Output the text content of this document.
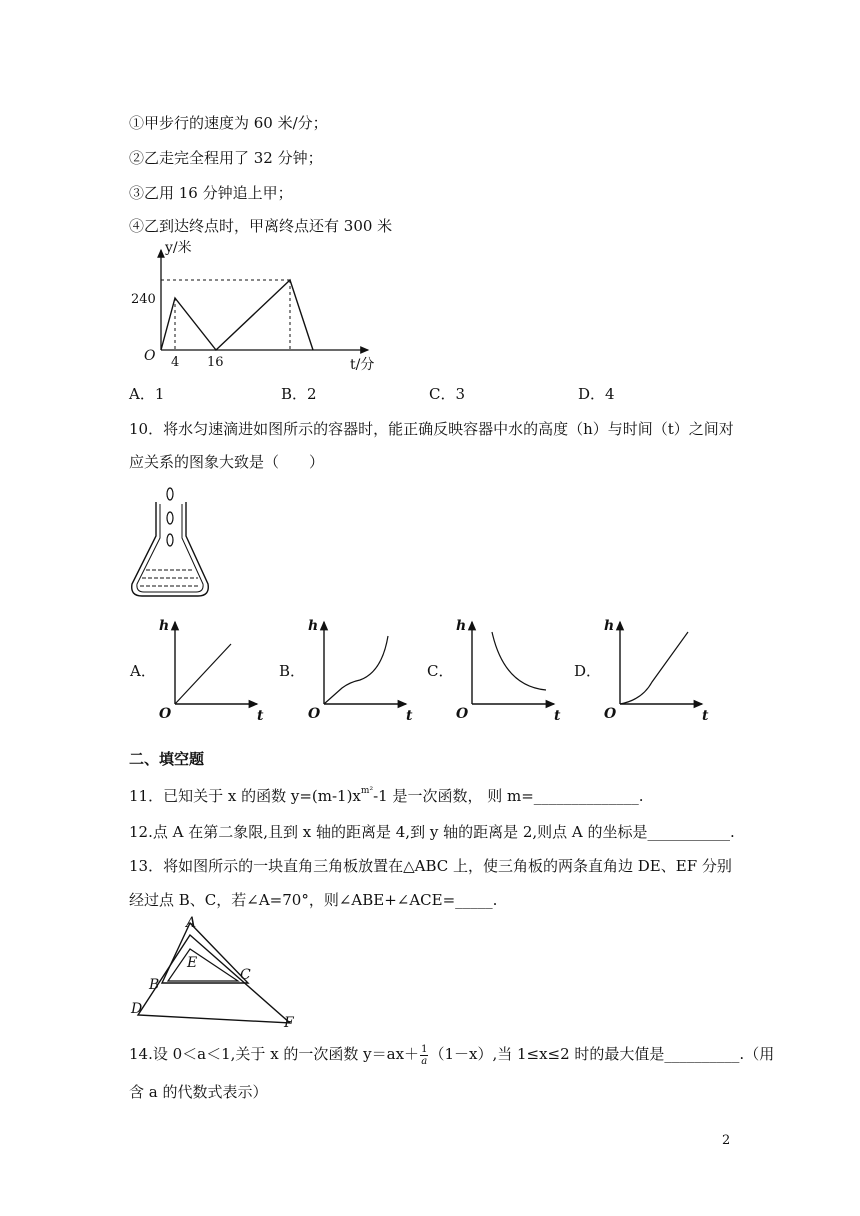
①甲步行的速度为 60 米/分；
②乙走完全程用了 32 分钟；
③乙用 16 分钟追上甲；
④乙到达终点时，甲离终点还有 300 米
y/米
240
O 4 16	t/分
A．1	B．2	C．3	D．4
10．将水匀速滴进如图所示的容器时，能正确反映容器中水的高度（h）与时间（t）之间对
应关系的图象大致是（　　）
A．	B．	C．	D．
h
O	t
h
O	t
h
O	t
h
O	t
二、填空题
11．已知关于 x 的函数 $y=(m-1)x^{m^2}-1$ 是一次函数， 则 m=______________.
12.点 A 在第二象限,且到 x 轴的距离是 4,到 y 轴的距离是 2,则点 A 的坐标是___________.
13．将如图所示的一块直角三角板放置在△ABC 上，使三角板的两条直角边 DE、EF 分别
经过点 B、C，若∠A=70°，则∠ABE+∠ACE=_____.
A
E
B
C
D
F
14.设 0＜a＜1,关于 x 的一次函数 $y=ax+ \frac{1}{a} (1-x)$,当 1≤x≤2 时的最大值是__________.（用
含 a 的代数式表示）
2
